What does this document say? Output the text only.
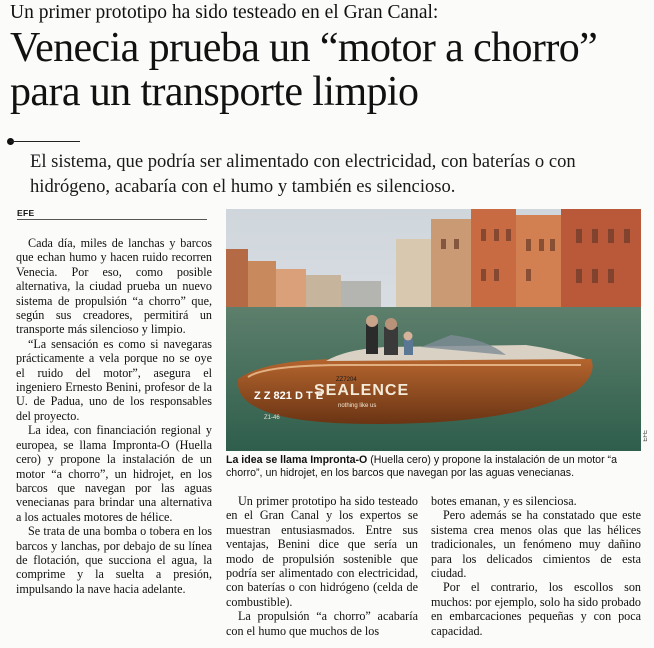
Un primer prototipo ha sido testeado en el Gran Canal:
Venecia prueba un “motor a chorro” para un transporte limpio
El sistema, que podría ser alimentado con electricidad, con baterías o con hidrógeno, acabaría con el humo y también es silencioso.
EFE

Cada día, miles de lanchas y barcos que echan humo y hacen ruido recorren Venecia. Por eso, como posible alternativa, la ciudad prueba un nuevo sistema de propulsión “a chorro” que, según sus creadores, permitirá un transporte más silencioso y limpio.

“La sensación es como si navegaras prácticamente a vela porque no se oye el ruido del motor”, asegura el ingeniero Ernesto Benini, profesor de la U. de Padua, uno de los responsables del proyecto.

La idea, con financiación regional y europea, se llama Impronta-O (Huella cero) y propone la instalación de un motor “a chorro”, un hidrojet, en los barcos que navegan por las aguas venecianas para brindar una alternativa a los actuales motores de hélice.

Se trata de una bomba o tobera en los barcos y lanchas, por debajo de su línea de flotación, que succiona el agua, la comprime y la suelta a presión, impulsando la nave hacia adelante.

Z Z 821 D T E
SEALENCE
nothing like us
ZZ7204
Z1-46
EFE
La idea se llama Impronta-O (Huella cero) y propone la instalación de un motor “a chorro”, un hidrojet, en los barcos que navegan por las aguas venecianas.

Un primer prototipo ha sido testeado en el Gran Canal y los expertos se muestran entusiasmados. Entre sus ventajas, Benini dice que sería un modo de propulsión sostenible que podría ser alimentado con electricidad, con baterías o con hidrógeno (celda de combustible).

La propulsión “a chorro” acabaría con el humo que muchos de los

botes emanan, y es silenciosa.

Pero además se ha constatado que este sistema crea menos olas que las hélices tradicionales, un fenómeno muy dañino para los delicados cimientos de esta ciudad.

Por el contrario, los escollos son muchos: por ejemplo, solo ha sido probado en embarcaciones pequeñas y con poca capacidad.
